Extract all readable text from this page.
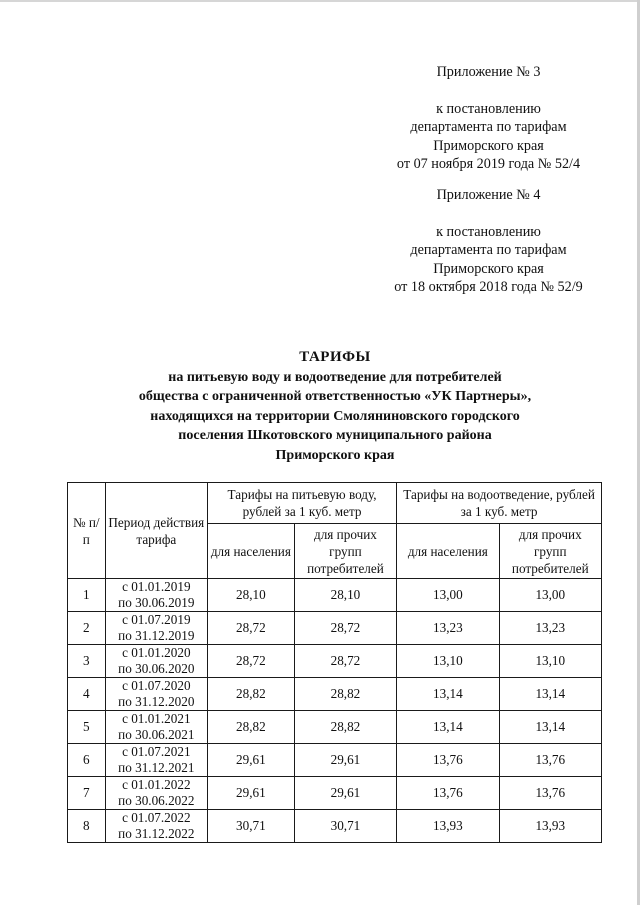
Приложение № 3
к постановлению
департамента по тарифам
Приморского края
от 07 ноября 2019 года № 52/4
Приложение № 4
к постановлению
департамента по тарифам
Приморского края
от 18 октября 2018 года № 52/9
ТАРИФЫ
на питьевую воду и водоотведение для потребителей
общества с ограниченной ответственностью «УК Партнеры»,
находящихся на территории Смоляниновского городского
поселения Шкотовского муниципального района
Приморского края
№ п/п	Период действия тарифа	Тарифы на питьевую воду, рублей за 1 куб. метр		Тарифы на водоотведение, рублей за 1 куб. метр	
		для населения	для прочих групп потребителей	для населения	для прочих групп потребителей
1	с 01.01.2019
по 30.06.2019	28,10	28,10	13,00	13,00
2	с 01.07.2019
по 31.12.2019	28,72	28,72	13,23	13,23
3	с 01.01.2020
по 30.06.2020	28,72	28,72	13,10	13,10
4	с 01.07.2020
по 31.12.2020	28,82	28,82	13,14	13,14
5	с 01.01.2021
по 30.06.2021	28,82	28,82	13,14	13,14
6	с 01.07.2021
по 31.12.2021	29,61	29,61	13,76	13,76
7	с 01.01.2022
по 30.06.2022	29,61	29,61	13,76	13,76
8	с 01.07.2022
по 31.12.2022	30,71	30,71	13,93	13,93
